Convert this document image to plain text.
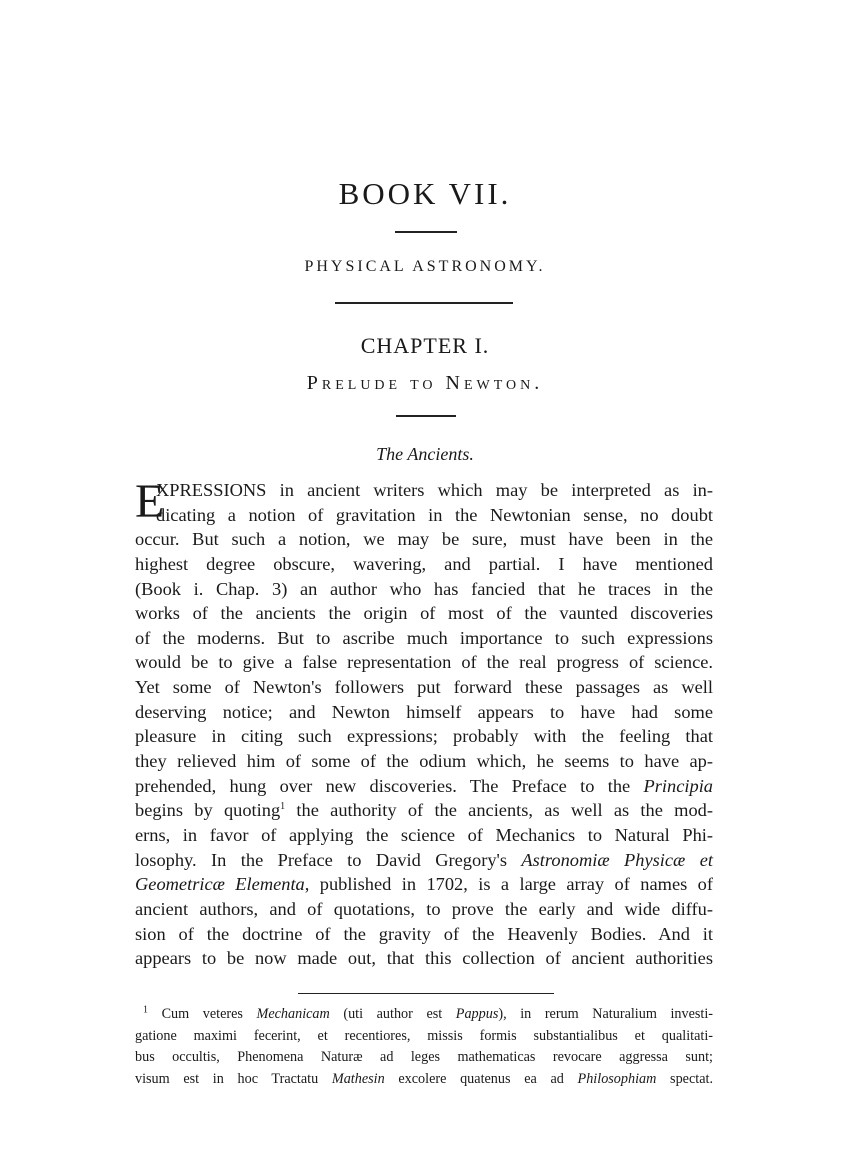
BOOK VII.
PHYSICAL ASTRONOMY.
CHAPTER I.
Prelude to Newton.
The Ancients.
E
XPRESSIONS in ancient writers which may be interpreted as in-
dicating a notion of gravitation in the Newtonian sense, no doubt
occur. But such a notion, we may be sure, must have been in the
highest degree obscure, wavering, and partial. I have mentioned
(Book i. Chap. 3) an author who has fancied that he traces in the
works of the ancients the origin of most of the vaunted discoveries
of the moderns. But to ascribe much importance to such expressions
would be to give a false representation of the real progress of science.
Yet some of Newton's followers put forward these passages as well
deserving notice; and Newton himself appears to have had some
pleasure in citing such expressions; probably with the feeling that
they relieved him of some of the odium which, he seems to have ap-
prehended, hung over new discoveries. The Preface to the Principia
begins by quoting$^1$ the authority of the ancients, as well as the mod-
erns, in favor of applying the science of Mechanics to Natural Phi-
losophy. In the Preface to David Gregory's Astronomiæ Physicæ et
Geometricæ Elementa, published in 1702, is a large array of names of
ancient authors, and of quotations, to prove the early and wide diffu-
sion of the doctrine of the gravity of the Heavenly Bodies. And it
appears to be now made out, that this collection of ancient authorities
$^1$ Cum veteres Mechanicam (uti author est Pappus), in rerum Naturalium investi-
gatione maximi fecerint, et recentiores, missis formis substantialibus et qualitati-
bus occultis, Phenomena Naturæ ad leges mathematicas revocare aggressa sunt;
visum est in hoc Tractatu Mathesin excolere quatenus ea ad Philosophiam spectat.
